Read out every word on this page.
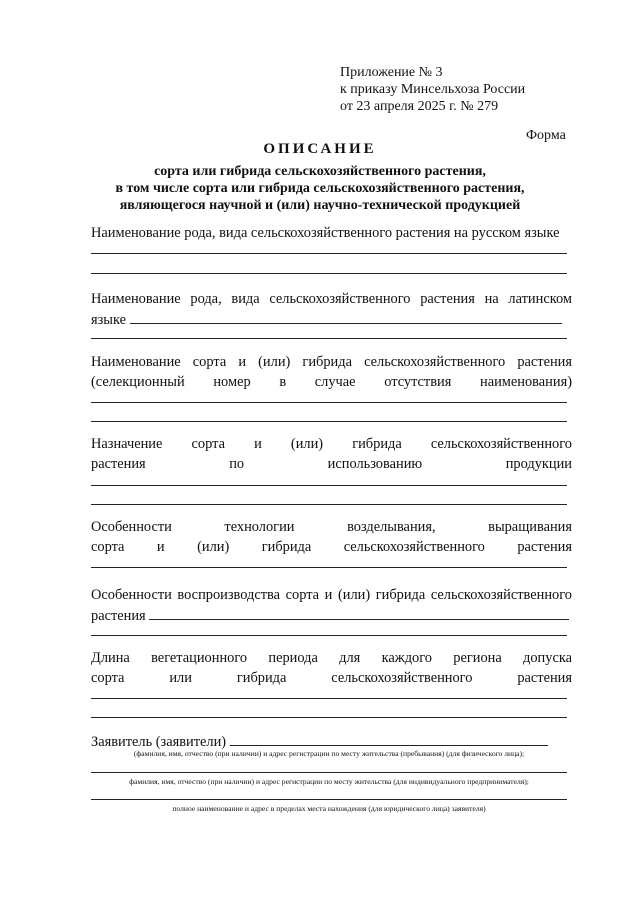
Приложение № 3
к приказу Минсельхоза России
от 23 апреля 2025 г. № 279
Форма
ОПИСАНИЕ
сорта или гибрида сельскохозяйственного растения,
в том числе сорта или гибрида сельскохозяйственного растения,
являющегося научной и (или) научно-технической продукцией
Наименование рода, вида сельскохозяйственного растения на русском языке
Наименование рода, вида сельскохозяйственного растения на латинском
языке
Наименование сорта и (или) гибрида сельскохозяйственного растения
(селекционный номер в случае отсутствия наименования)
Назначение сорта и (или) гибрида сельскохозяйственного
растения по использованию продукции
Особенности технологии возделывания, выращивания
сорта и (или) гибрида сельскохозяйственного растения
Особенности воспроизводства сорта и (или) гибрида сельскохозяйственного
растения
Длина вегетационного периода для каждого региона допуска
сорта или гибрида сельскохозяйственного растения
Заявитель (заявители)
(фамилия, имя, отчество (при наличии) и адрес регистрации по месту жительства (пребывания) (для физического лица);
фамилия, имя, отчество (при наличии) и адрес регистрации по месту жительства (для индивидуального предпринимателя);
полное наименование и адрес в пределах места нахождения (для юридического лица) заявителя)
